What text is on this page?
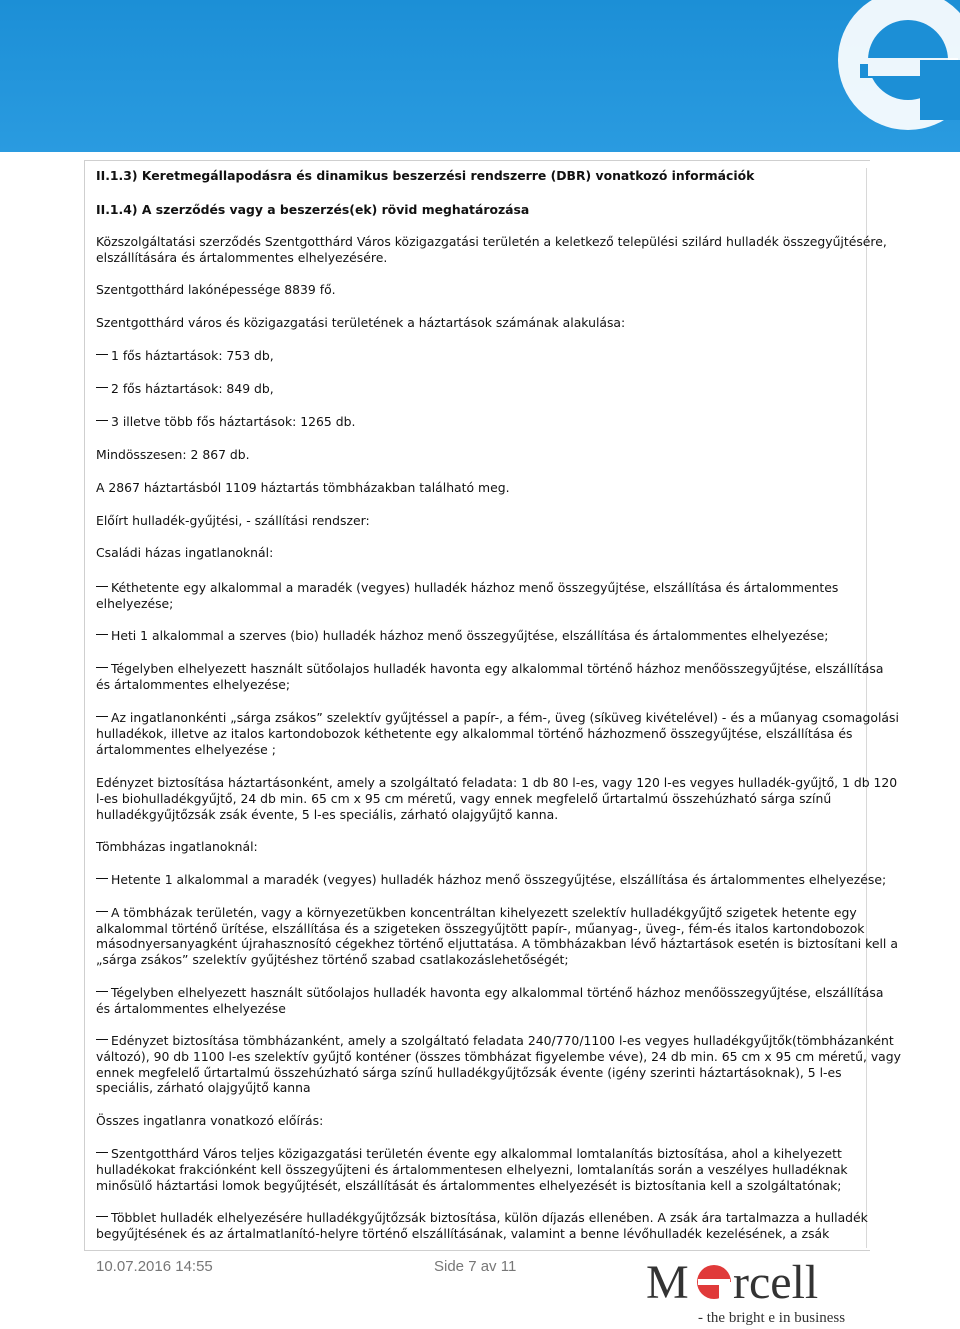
II.1.3) Keretmegállapodásra és dinamikus beszerzési rendszerre (DBR) vonatkozó információk
II.1.4) A szerződés vagy a beszerzés(ek) rövid meghatározása
Közszolgáltatási szerződés Szentgotthárd Város közigazgatási területén a keletkező települési szilárd hulladék összegyűjtésére,
elszállítására és ártalommentes elhelyezésére.
Szentgotthárd lakónépessége 8839 fő.
Szentgotthárd város és közigazgatási területének a háztartások számának alakulása:
1 fős háztartások: 753 db,
2 fős háztartások: 849 db,
3 illetve több fős háztartások: 1265 db.
Mindösszesen: 2 867 db.
A 2867 háztartásból 1109 háztartás tömbházakban található meg.
Előírt hulladék-gyűjtési, - szállítási rendszer:
Családi házas ingatlanoknál:
Kéthetente egy alkalommal a maradék (vegyes) hulladék házhoz menő összegyűjtése, elszállítása és ártalommentes
elhelyezése;
Heti 1 alkalommal a szerves (bio) hulladék házhoz menő összegyűjtése, elszállítása és ártalommentes elhelyezése;
Tégelyben elhelyezett használt sütőolajos hulladék havonta egy alkalommal történő házhoz menőösszegyűjtése, elszállítása
és ártalommentes elhelyezése;
Az ingatlanonkénti „sárga zsákos” szelektív gyűjtéssel a papír-, a fém-, üveg (síküveg kivételével) - és a műanyag csomagolási
hulladékok, illetve az italos kartondobozok kéthetente egy alkalommal történő házhozmenő összegyűjtése, elszállítása és
ártalommentes elhelyezése ;
Edényzet biztosítása háztartásonként, amely a szolgáltató feladata: 1 db 80 l-es, vagy 120 l-es vegyes hulladék-gyűjtő, 1 db 120
l-es biohulladékgyűjtő, 24 db min. 65 cm x 95 cm méretű, vagy ennek megfelelő űrtartalmú összehúzható sárga színű
hulladékgyűjtőzsák zsák évente, 5 l-es speciális, zárható olajgyűjtő kanna.
Tömbházas ingatlanoknál:
Hetente 1 alkalommal a maradék (vegyes) hulladék házhoz menő összegyűjtése, elszállítása és ártalommentes elhelyezése;
A tömbházak területén, vagy a környezetükben koncentráltan kihelyezett szelektív hulladékgyűjtő szigetek hetente egy
alkalommal történő ürítése, elszállítása és a szigeteken összegyűjtött papír-, műanyag-, üveg-, fém-és italos kartondobozok
másodnyersanyagként újrahasznosító cégekhez történő eljuttatása. A tömbházakban lévő háztartások esetén is biztosítani kell a
„sárga zsákos” szelektív gyűjtéshez történő szabad csatlakozáslehetőségét;
Tégelyben elhelyezett használt sütőolajos hulladék havonta egy alkalommal történő házhoz menőösszegyűjtése, elszállítása
és ártalommentes elhelyezése
Edényzet biztosítása tömbházanként, amely a szolgáltató feladata 240/770/1100 l-es vegyes hulladékgyűjtők(tömbházanként
változó), 90 db 1100 l-es szelektív gyűjtő konténer (összes tömbházat figyelembe véve), 24 db min. 65 cm x 95 cm méretű, vagy
ennek megfelelő űrtartalmú összehúzható sárga színű hulladékgyűjtőzsák évente (igény szerinti háztartásoknak), 5 l-es
speciális, zárható olajgyűjtő kanna
Összes ingatlanra vonatkozó előírás:
Szentgotthárd Város teljes közigazgatási területén évente egy alkalommal lomtalanítás biztosítása, ahol a kihelyezett
hulladékokat frakciónként kell összegyűjteni és ártalommentesen elhelyezni, lomtalanítás során a veszélyes hulladéknak
minősülő háztartási lomok begyűjtését, elszállítását és ártalommentes elhelyezését is biztosítania kell a szolgáltatónak;
Többlet hulladék elhelyezésére hulladékgyűjtőzsák biztosítása, külön díjazás ellenében. A zsák ára tartalmazza a hulladék
begyűjtésének és az ártalmatlanító-helyre történő elszállításának, valamint a benne lévőhulladék kezelésének, a zsák
10.07.2016 14:55	Side 7 av 11	M rcell
- the bright e in business
